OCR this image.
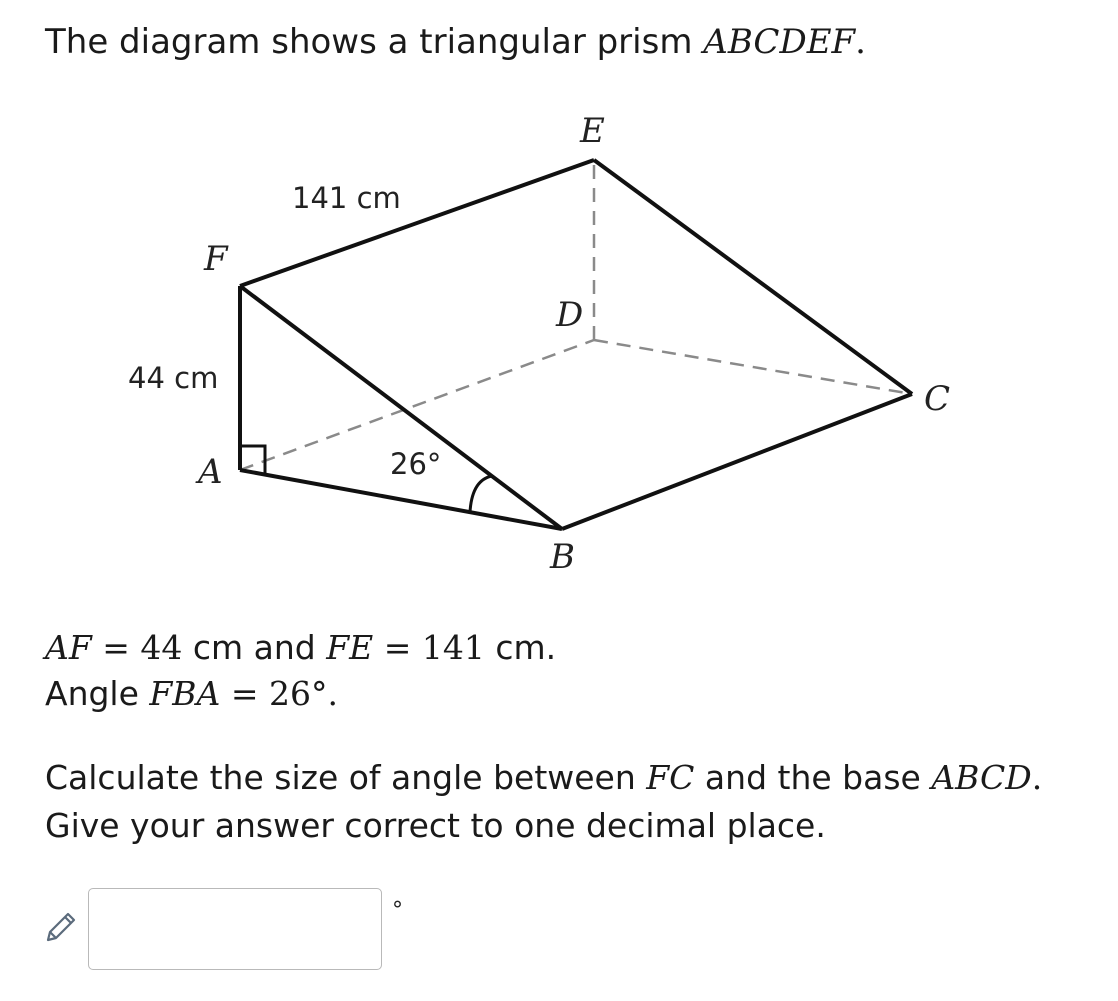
The diagram shows a triangular prism ABCDEF.
E
F
D
C
A
B
141 cm
44 cm
26°
AF = 44 cm and FE = 141 cm.
Angle FBA = 26°.
Calculate the size of angle between FC and the base ABCD.
Give your answer correct to one decimal place.
°
